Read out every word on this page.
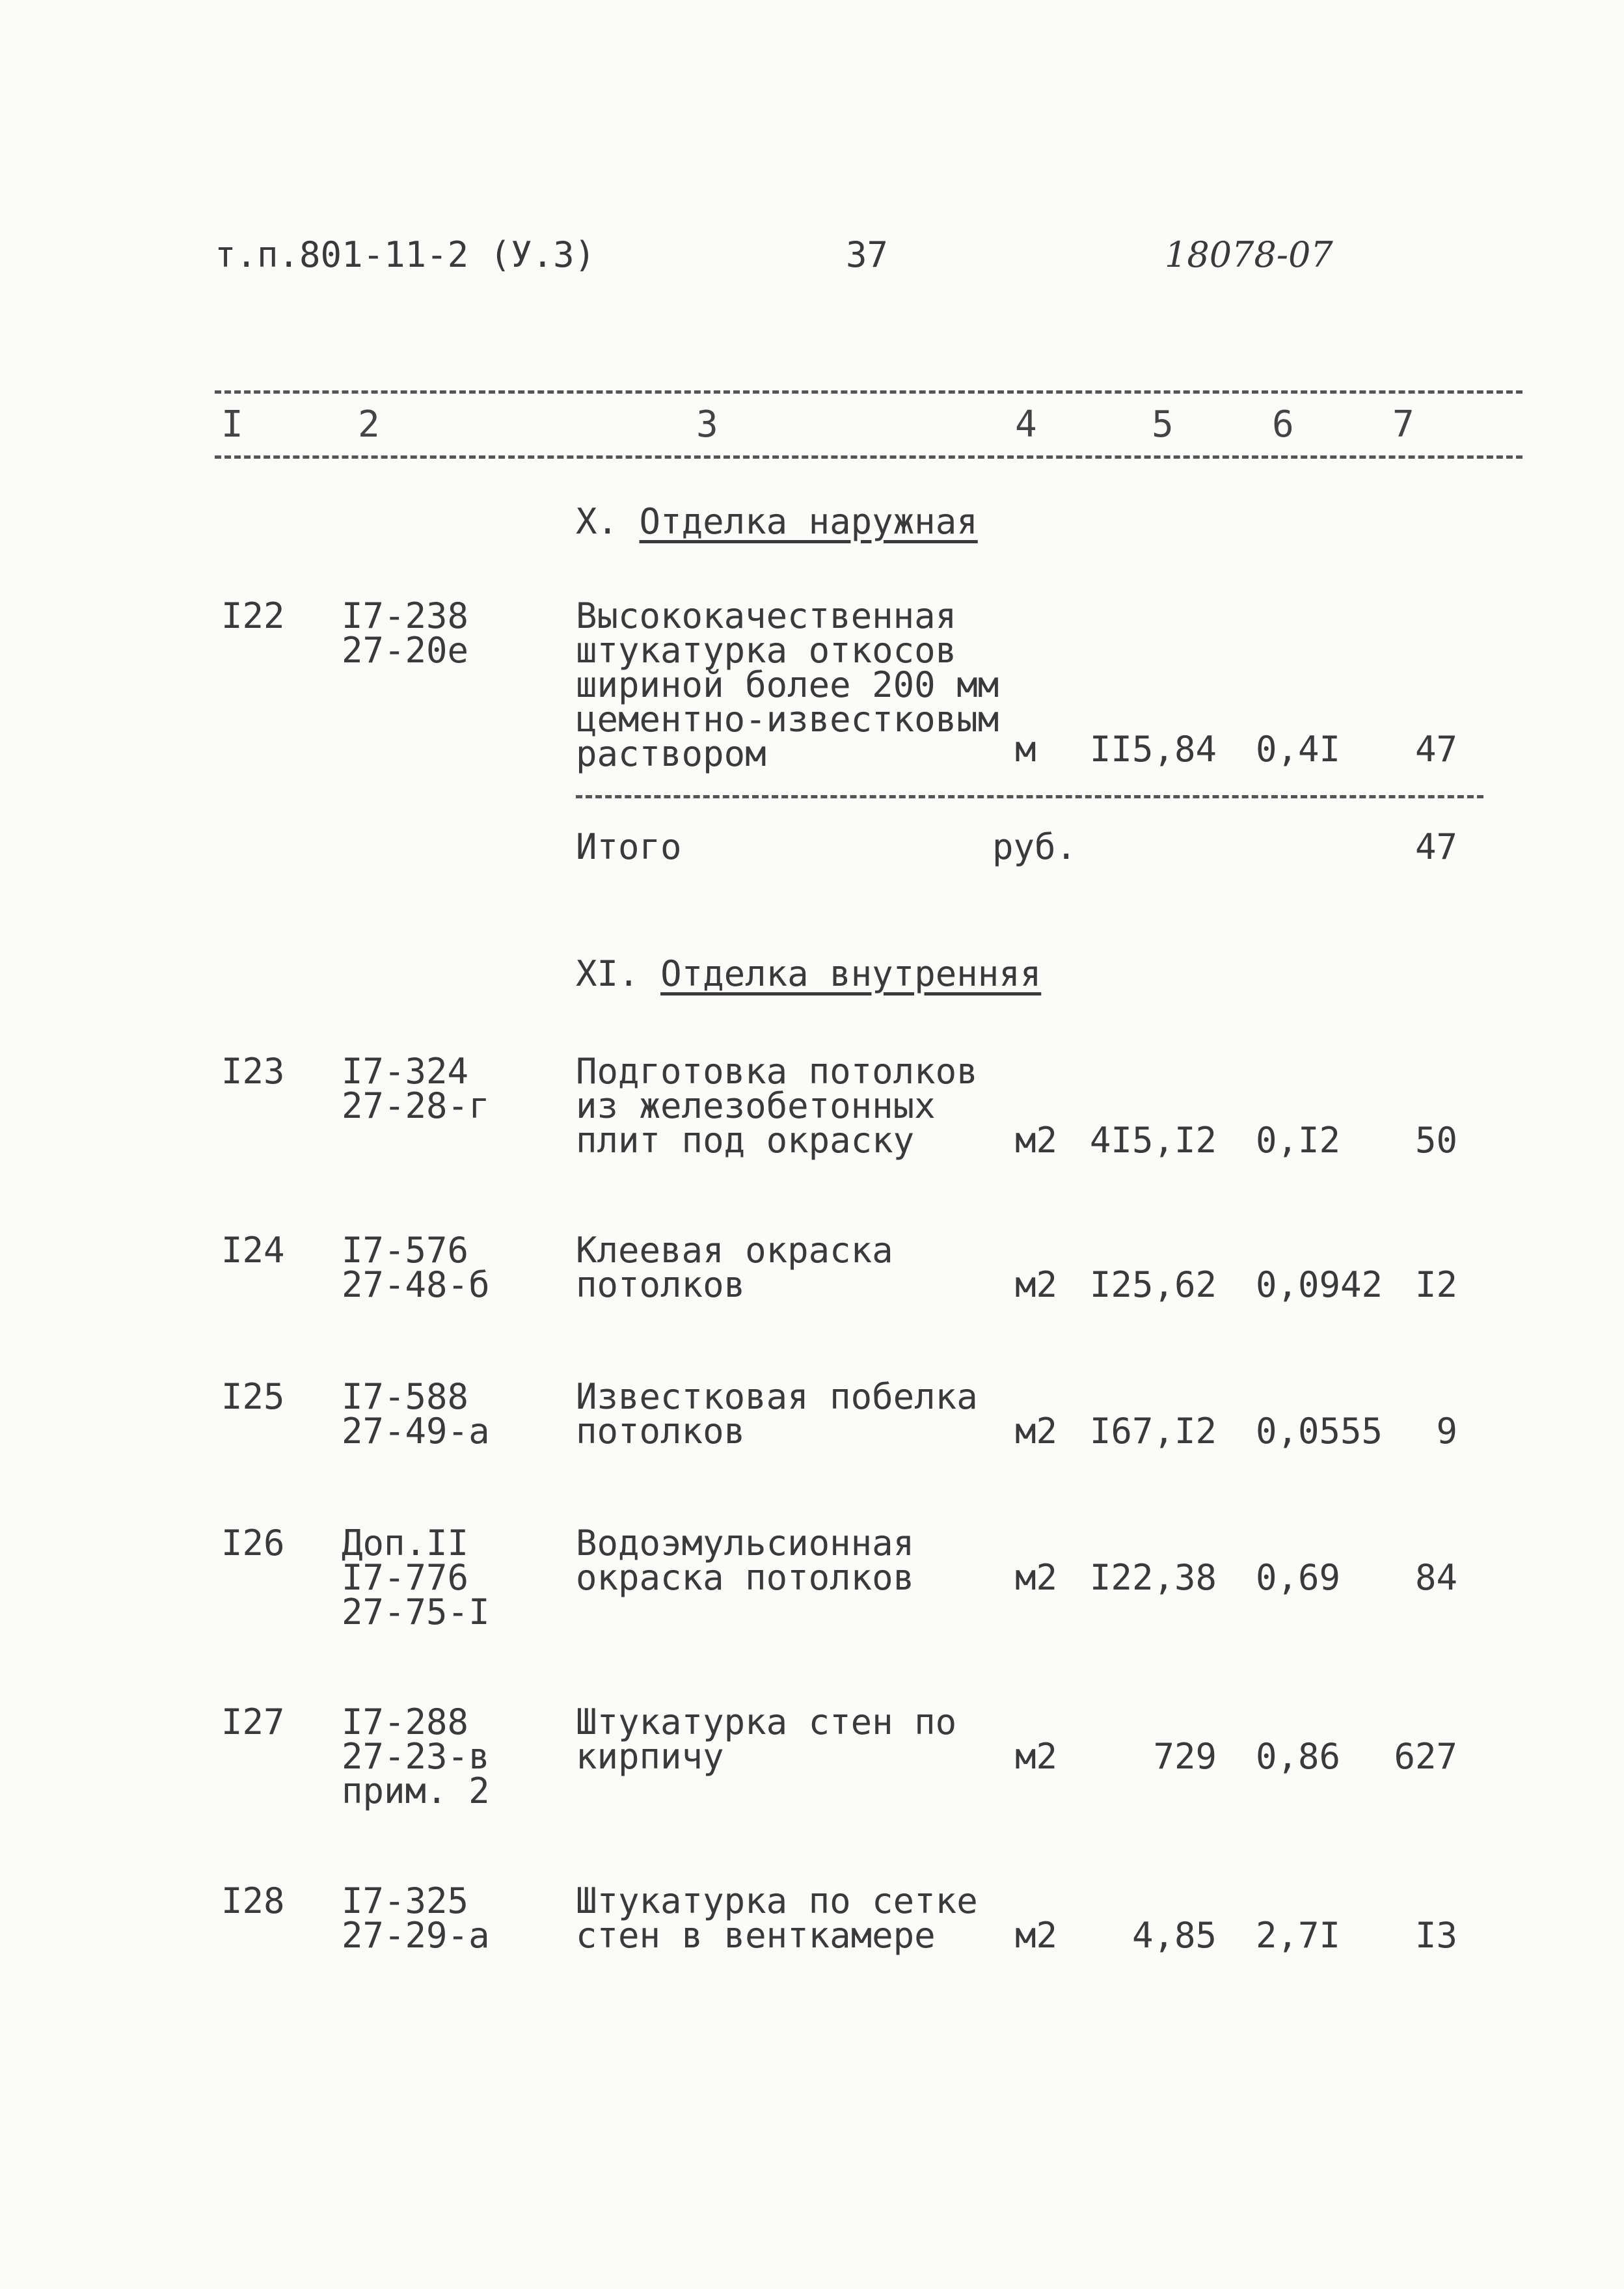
т.п.801-11-2 (У.3)	37	18078-07
I	2	3	4	5	6	7
X. Отделка наружная
I22 I7-238
27-20е
Высококачественная
штукатурка откосов
шириной более 200 мм
цементно-известковым
раствором	м II5,84 0,4I	47
Итого	руб.	47
XI. Отделка внутренняя
I23 I7-324
27-28-г
Подготовка потолков
из железобетонных
плит под окраску	м2 4I5,I2 0,I2	50
I24 I7-576
27-48-б
Клеевая окраска
потолков	м2 I25,62 0,0942 I2
I25 I7-588
27-49-а
Известковая побелка
потолков	м2 I67,I2 0,0555	9
I26 Доп.II
I7-776
27-75-I
Водоэмульсионная
окраска потолков	м2 I22,38 0,69	84
I27 I7-288
27-23-в
прим. 2
Штукатурка стен по
кирпичу	м2	729 0,86	627
I28 I7-325
27-29-а
Штукатурка по сетке
стен в венткамере	м2	4,85 2,7I	I3
